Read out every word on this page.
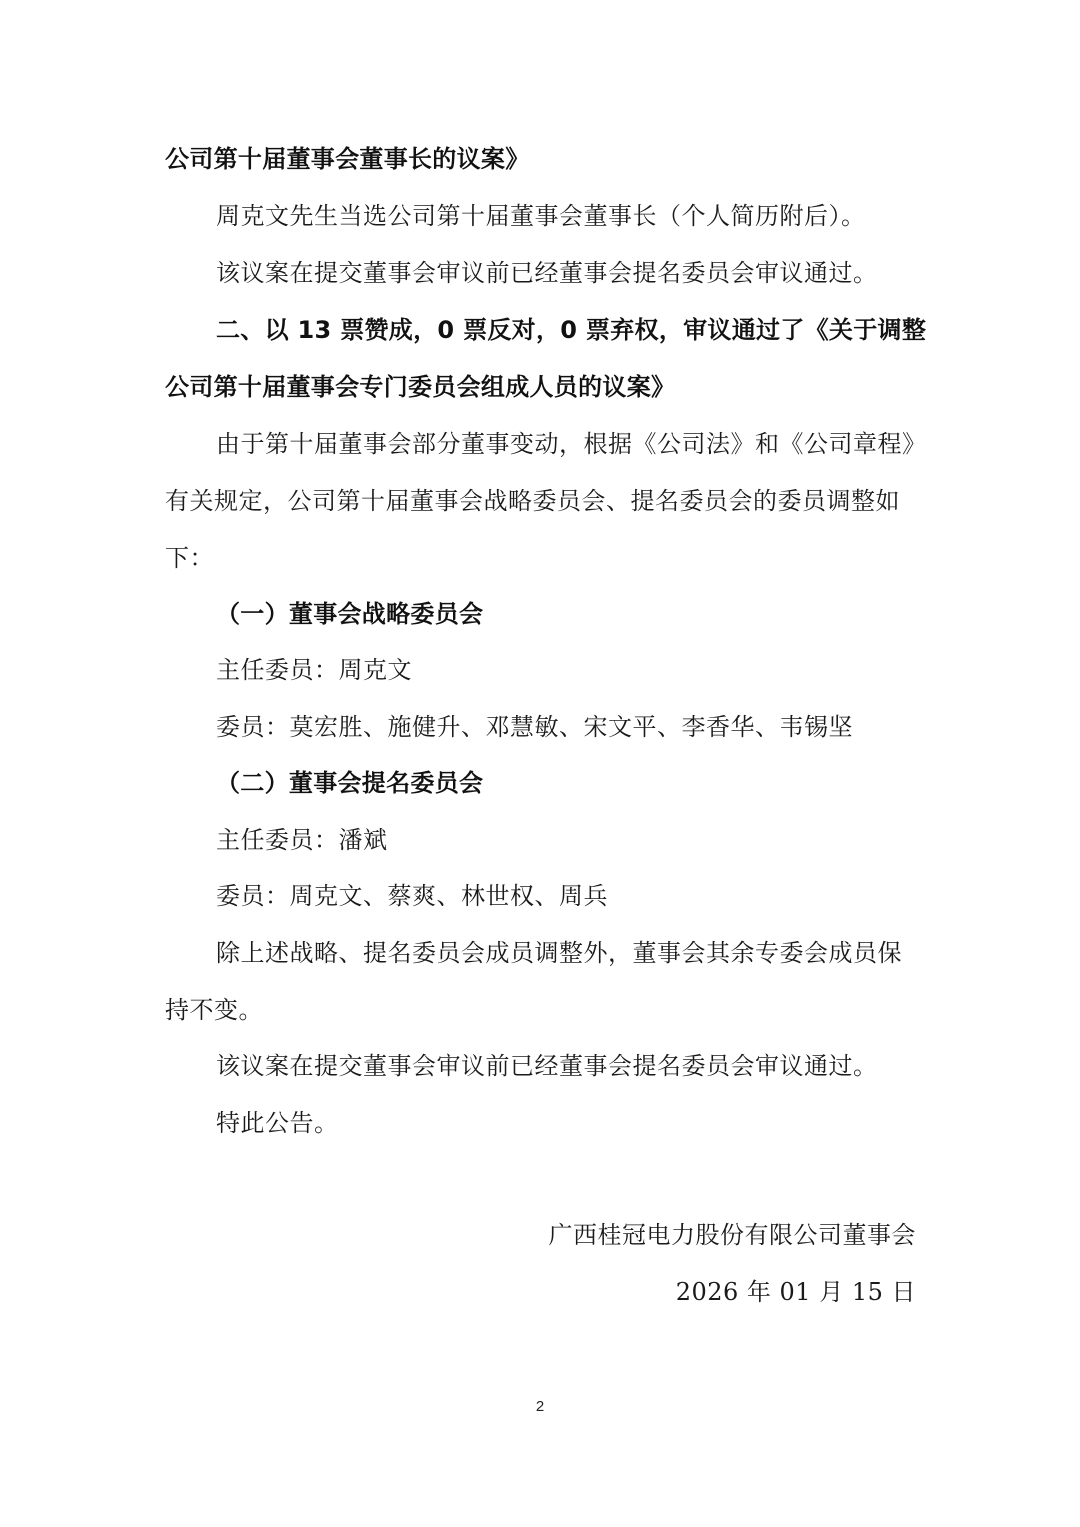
公司第十届董事会董事长的议案》
周克文先生当选公司第十届董事会董事长（个人简历附后）。
该议案在提交董事会审议前已经董事会提名委员会审议通过。
二、以 13 票赞成，0 票反对，0 票弃权，审议通过了《关于调整
公司第十届董事会专门委员会组成人员的议案》
由于第十届董事会部分董事变动，根据《公司法》和《公司章程》
有关规定，公司第十届董事会战略委员会、提名委员会的委员调整如
下：
（一）董事会战略委员会
主任委员：周克文
委员：莫宏胜、施健升、邓慧敏、宋文平、李香华、韦锡坚
（二）董事会提名委员会
主任委员：潘斌
委员：周克文、蔡爽、林世权、周兵
除上述战略、提名委员会成员调整外，董事会其余专委会成员保
持不变。
该议案在提交董事会审议前已经董事会提名委员会审议通过。
特此公告。
广西桂冠电力股份有限公司董事会
2026 年 01 月 15 日
2
